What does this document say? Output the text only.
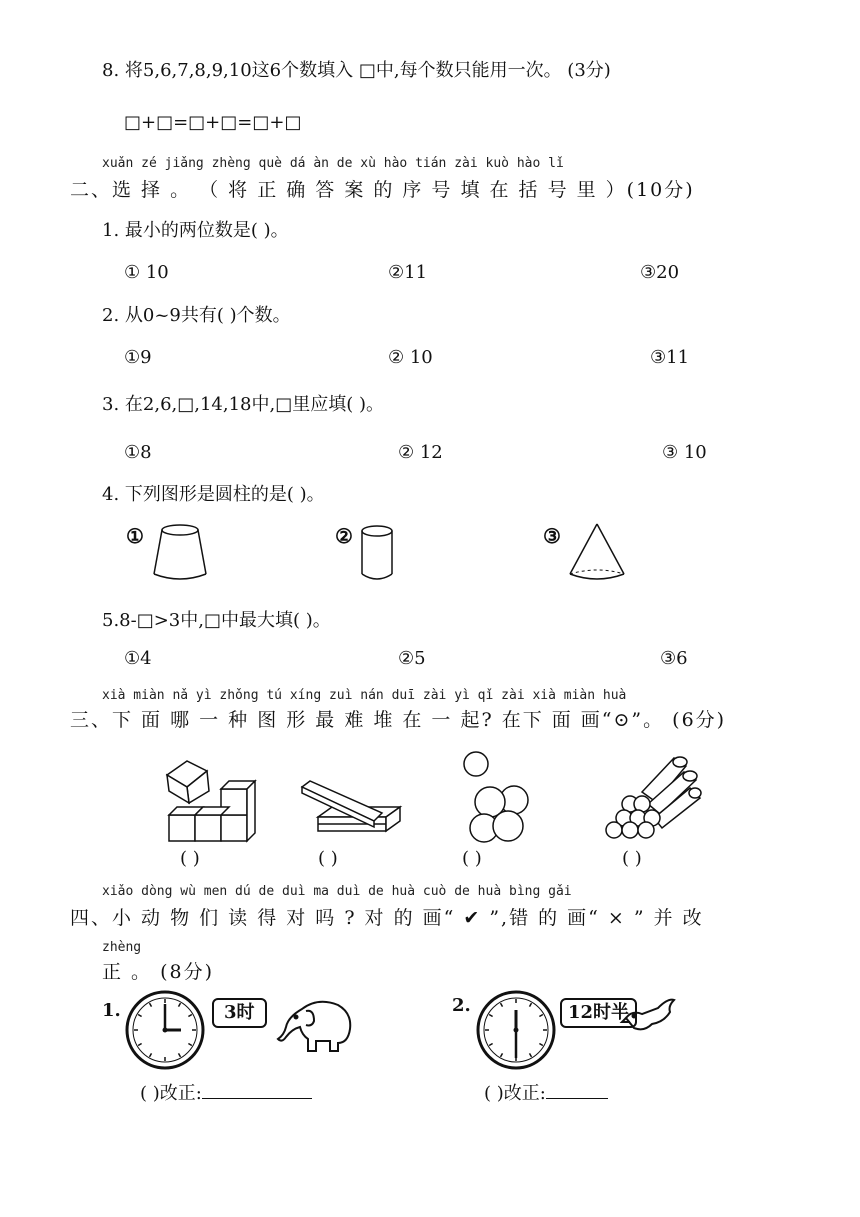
8. 将5,6,7,8,9,10这6个数填入 □中,每个数只能用一次。 (3分)
□+□=□+□=□+□
xuǎn zé jiǎng zhèng què dá àn de xù hào tián zài kuò hào lǐ
二、选 择 。 （ 将 正 确 答 案 的 序 号 填 在 括 号 里 ）(10分)
1. 最小的两位数是( )。
① 10	②11	③20
2. 从0~9共有( )个数。
①9	② 10	③11
3. 在2,6,□,14,18中,□里应填( )。
①8	② 12	③ 10
4. 下列图形是圆柱的是( )。
①	②	③
5.8-□>3中,□中最大填( )。
①4	②5	③6
xià miàn nǎ yì zhǒng tú xíng zuì nán duī zài yì qǐ zài xià miàn huà
三、下 面 哪 一 种 图 形 最 难 堆 在 一 起? 在下 面 画“⊙”。 (6分)
( )	( )	( )	( )
xiǎo dòng wù men dú de duì ma duì de huà cuò de huà bìng gǎi
四、小 动 物 们 读 得 对 吗 ? 对 的 画“ ✔ ”,错 的 画“ × ” 并 改
zhèng
正 。 (8分)
1.	3时
( )改正:
2.	12时半
( )改正:
